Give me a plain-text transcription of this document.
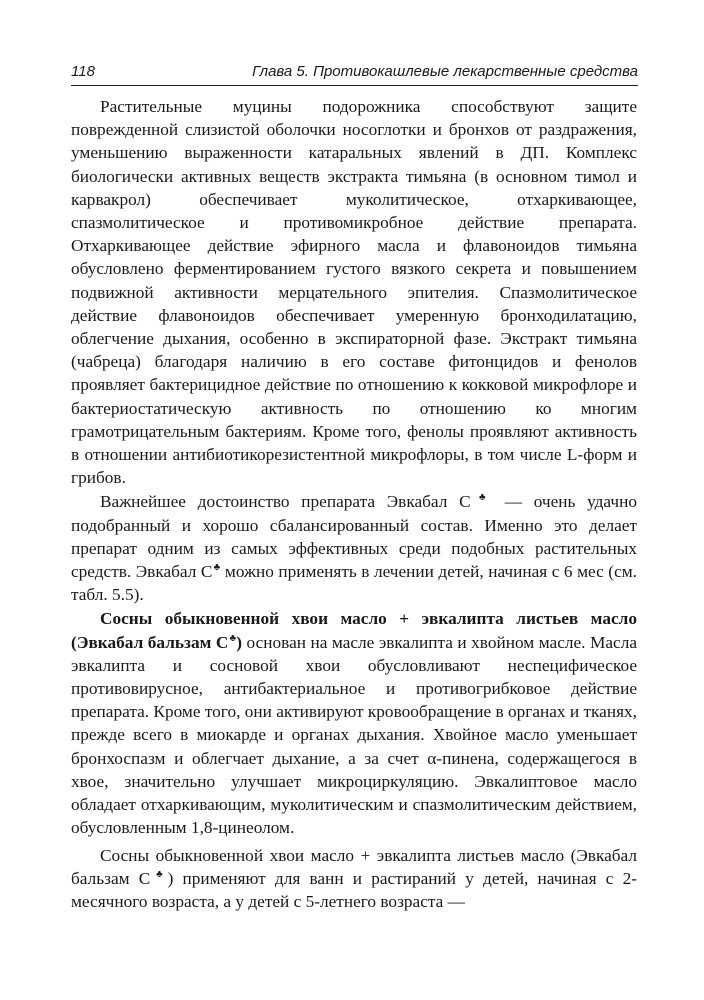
118	Глава 5. Противокашлевые лекарственные средства

Растительные муцины подорожника способствуют защите поврежденной слизистой оболочки носоглотки и бронхов от раздражения, уменьшению выраженности катаральных явлений в ДП. Комплекс биологически активных веществ экстракта тимьяна (в основном тимол и карвакрол) обеспечивает муколитическое, отхаркивающее, спазмолитическое и противомикробное действие препарата. Отхаркивающее действие эфирного масла и флавоноидов тимьяна обусловлено ферментированием густого вязкого секрета и повышением подвижной активности мерцательного эпителия. Спазмолитическое действие флавоноидов обеспечивает умеренную бронходилатацию, облегчение дыхания, особенно в экспираторной фазе. Экстракт тимьяна (чабреца) благодаря наличию в его составе фитонцидов и фенолов проявляет бактерицидное действие по отношению к кокковой микрофлоре и бактериостатическую активность по отношению ко многим грамотрицательным бактериям. Кроме того, фенолы проявляют активность в отношении антибиотикорезистентной микрофлоры, в том числе L-форм и грибов.

Важнейшее достоинство препарата Эвкабал С♣ — очень удачно подобранный и хорошо сбалансированный состав. Именно это делает препарат одним из самых эффективных среди подобных растительных средств. Эвкабал С♣ можно применять в лечении детей, начиная с 6 мес (см. табл. 5.5).

Сосны обыкновенной хвои масло + эвкалипта листьев масло (Эвкабал бальзам С♣) основан на масле эвкалипта и хвойном масле. Масла эвкалипта и сосновой хвои обусловливают неспецифическое противовирусное, антибактериальное и противогрибковое действие препарата. Кроме того, они активируют кровообращение в органах и тканях, прежде всего в миокарде и органах дыхания. Хвойное масло уменьшает бронхоспазм и облегчает дыхание, а за счет α-пинена, содержащегося в хвое, значительно улучшает микроциркуляцию. Эвкалиптовое масло обладает отхаркивающим, муколитическим и спазмолитическим действием, обусловленным 1,8-цинеолом.

Сосны обыкновенной хвои масло + эвкалипта листьев масло (Эвкабал бальзам С♣) применяют для ванн и растираний у детей, начиная с 2-месячного возраста, а у детей с 5-летнего возраста —
